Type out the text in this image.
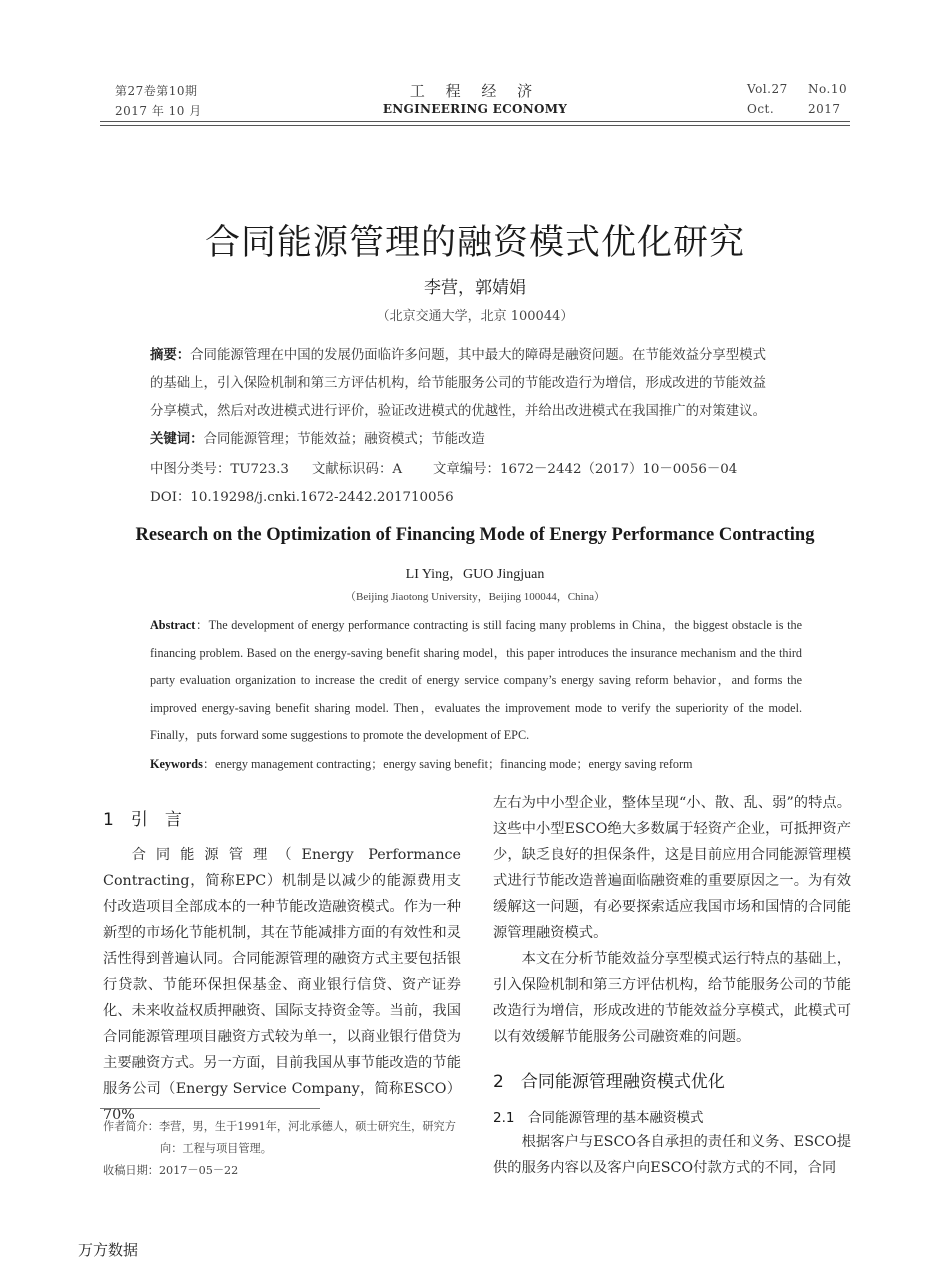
第27卷第10期
2017 年 10 月
工 程 经 济
ENGINEERING ECONOMY
Vol.27 No.10
Oct.	2017
合同能源管理的融资模式优化研究
李营，郭婧娟
（北京交通大学，北京 100044）
摘要：合同能源管理在中国的发展仍面临许多问题，其中最大的障碍是融资问题。在节能效益分享型模式
的基础上，引入保险机制和第三方评估机构，给节能服务公司的节能改造行为增信，形成改进的节能效益
分享模式，然后对改进模式进行评价，验证改进模式的优越性，并给出改进模式在我国推广的对策建议。
关键词：合同能源管理；节能效益；融资模式；节能改造
中图分类号：TU723.3 文献标识码：A 文章编号：1672－2442（2017）10－0056－04
DOI：10.19298/j.cnki.1672-2442.201710056
Research on the Optimization of Financing Mode of Energy Performance Contracting
LI Ying，GUO Jingjuan
（Beijing Jiaotong University，Beijing 100044，China）
Abstract：The development of energy performance contracting is still facing many problems in China，the biggest obstacle is the financing problem. Based on the energy-saving benefit sharing model，this paper introduces the insurance mechanism and the third party evaluation organization to increase the credit of energy service company’s energy saving reform behavior，and forms the improved energy-saving benefit sharing model. Then，evaluates the improvement mode to verify the superiority of the model. Finally，puts forward some suggestions to promote the development of EPC.
Keywords：energy management contracting；energy saving benefit；financing mode；energy saving reform
1　引　言

合同能源管理（Energy Performance Contracting，简称EPC）机制是以减少的能源费用支付改造项目全部成本的一种节能改造融资模式。作为一种新型的市场化节能机制，其在节能减排方面的有效性和灵活性得到普遍认同。合同能源管理的融资方式主要包括银行贷款、节能环保担保基金、商业银行信贷、资产证券化、未来收益权质押融资、国际支持资金等。当前，我国合同能源管理项目融资方式较为单一，以商业银行借贷为主要融资方式。另一方面，目前我国从事节能改造的节能服务公司（Energy Service Company，简称ESCO）70%

作者简介：李营，男，生于1991年，河北承德人，硕士研究生，研究方
向：工程与项目管理。
收稿日期：2017－05－22

左右为中小型企业，整体呈现“小、散、乱、弱”的特点。这些中小型ESCO绝大多数属于轻资产企业，可抵押资产少，缺乏良好的担保条件，这是目前应用合同能源管理模式进行节能改造普遍面临融资难的重要原因之一。为有效缓解这一问题，有必要探索适应我国市场和国情的合同能源管理融资模式。

本文在分析节能效益分享型模式运行特点的基础上，引入保险机制和第三方评估机构，给节能服务公司的节能改造行为增信，形成改进的节能效益分享模式，此模式可以有效缓解节能服务公司融资难的问题。

2　合同能源管理融资模式优化
2.1　合同能源管理的基本融资模式

根据客户与ESCO各自承担的责任和义务、ESCO提供的服务内容以及客户向ESCO付款方式的不同，合同

万方数据
